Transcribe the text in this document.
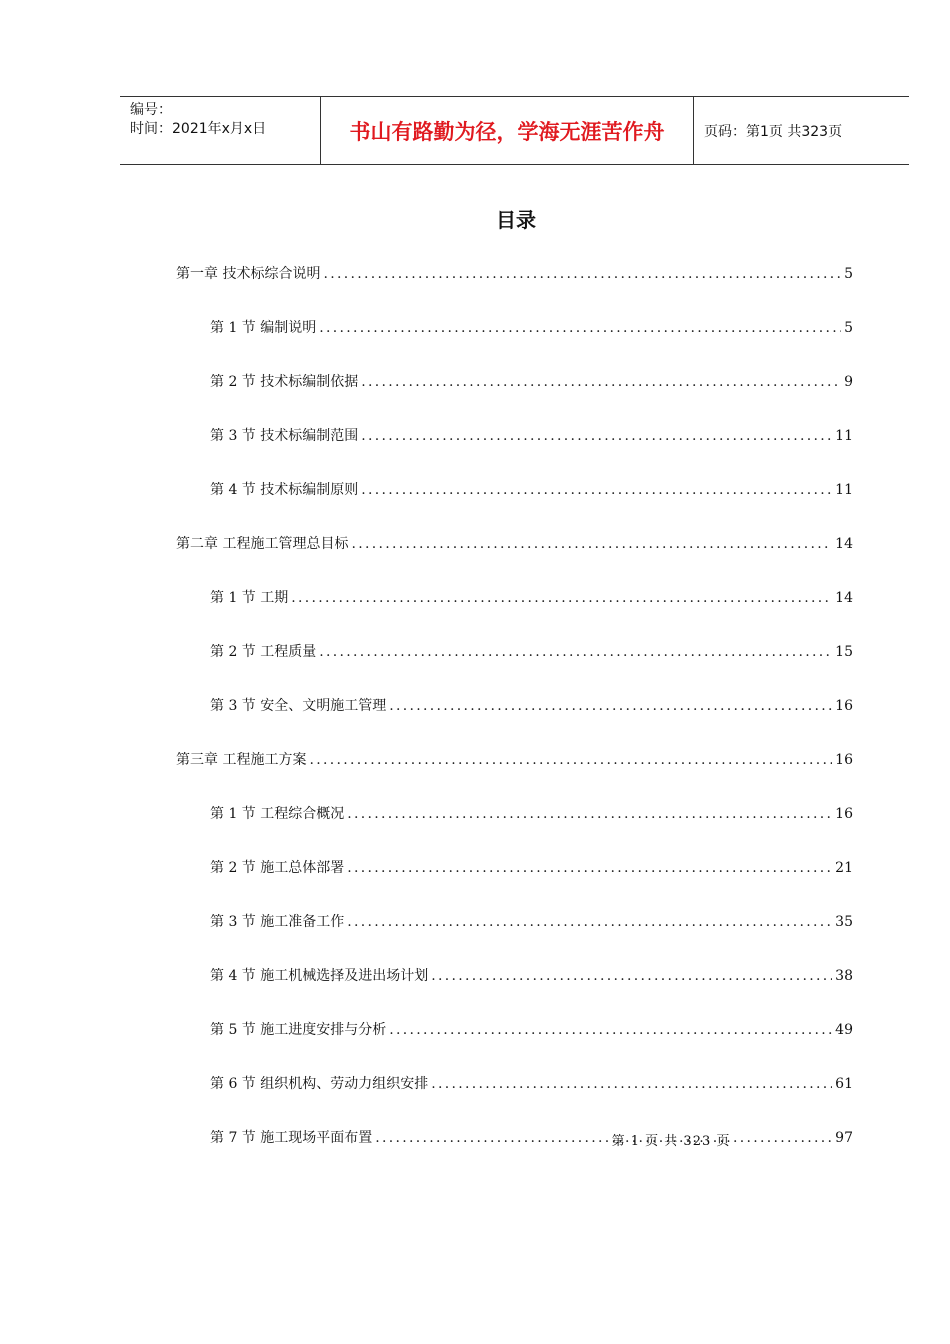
编号：
时间：2021年x月x日	书山有路勤为径，学海无涯苦作舟	页码：第1页 共323页
目录
第一章 技术标综合说明 .....	5
第 1 节 编制说明 .....	5
第 2 节 技术标编制依据 .....	9
第 3 节 技术标编制范围 .....	11
第 4 节 技术标编制原则 .....	11
第二章 工程施工管理总目标 .....	14
第 1 节 工期 .....	14
第 2 节 工程质量 .....	15
第 3 节 安全、文明施工管理 .....	16
第三章 工程施工方案 .....	16
第 1 节 工程综合概况 .....	16
第 2 节 施工总体部署 .....	21
第 3 节 施工准备工作 .....	35
第 4 节 施工机械选择及进出场计划 .....	38
第 5 节 施工进度安排与分析 .....	49
第 6 节 组织机构、劳动力组织安排 .....	61
第 7 节 施工现场平面布置 .....	97
第 1 页 共 323 页
